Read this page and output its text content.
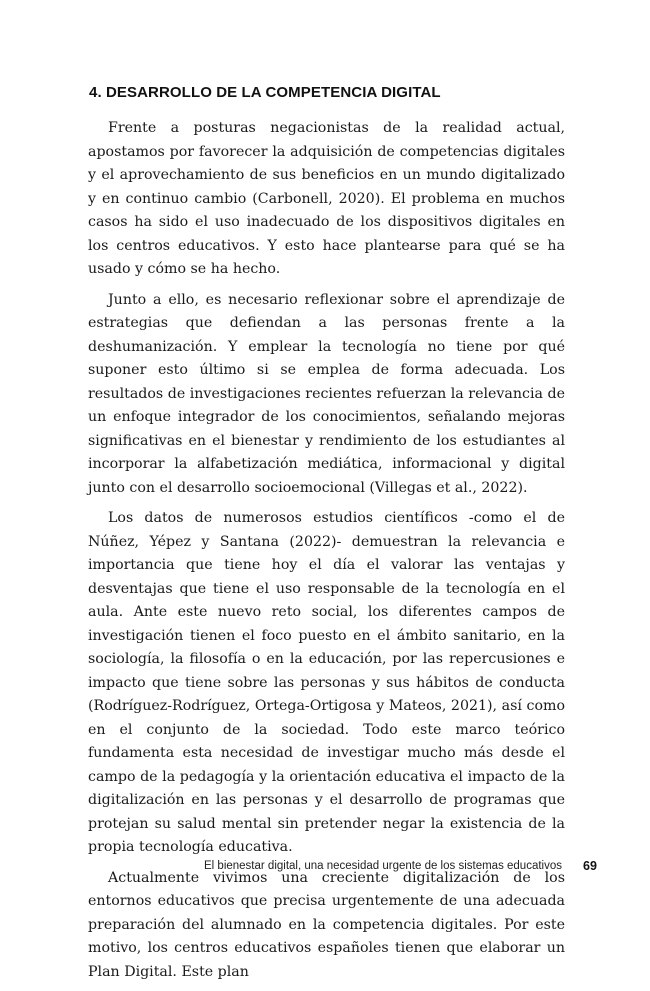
4. DESARROLLO DE LA COMPETENCIA DIGITAL

Frente a posturas negacionistas de la realidad actual, apostamos por favorecer la adquisición de competencias digitales y el aprovechamiento de sus beneficios en un mundo digitalizado y en continuo cambio (Carbonell, 2020). El problema en muchos casos ha sido el uso inadecuado de los dispositivos digitales en los centros educativos. Y esto hace plantearse para qué se ha usado y cómo se ha hecho.

Junto a ello, es necesario reflexionar sobre el aprendizaje de estrategias que defiendan a las personas frente a la deshumanización. Y emplear la tecnología no tiene por qué suponer esto último si se emplea de forma adecuada. Los resultados de investigaciones recientes refuerzan la relevancia de un enfoque integrador de los conocimientos, señalando mejoras significativas en el bienestar y rendimiento de los estudiantes al incorporar la alfabetización mediática, informacional y digital junto con el desarrollo socioemocional (Villegas et al., 2022).

Los datos de numerosos estudios científicos -como el de Núñez, Yépez y Santana (2022)- demuestran la relevancia e importancia que tiene hoy el día el valorar las ventajas y desventajas que tiene el uso responsable de la tecnología en el aula. Ante este nuevo reto social, los diferentes campos de investigación tienen el foco puesto en el ámbito sanitario, en la sociología, la filosofía o en la educación, por las repercusiones e impacto que tiene sobre las personas y sus hábitos de conducta (Rodríguez-Rodríguez, Ortega-Ortigosa y Mateos, 2021), así como en el conjunto de la sociedad. Todo este marco teórico fundamenta esta necesidad de investigar mucho más desde el campo de la pedagogía y la orientación educativa el impacto de la digitalización en las personas y el desarrollo de programas que protejan su salud mental sin pretender negar la existencia de la propia tecnología educativa.

Actualmente vivimos una creciente digitalización de los entornos educativos que precisa urgentemente de una adecuada preparación del alumnado en la competencia digitales. Por este motivo, los centros educativos españoles tienen que elaborar un Plan Digital. Este plan

El bienestar digital, una necesidad urgente de los sistemas educativos 69
